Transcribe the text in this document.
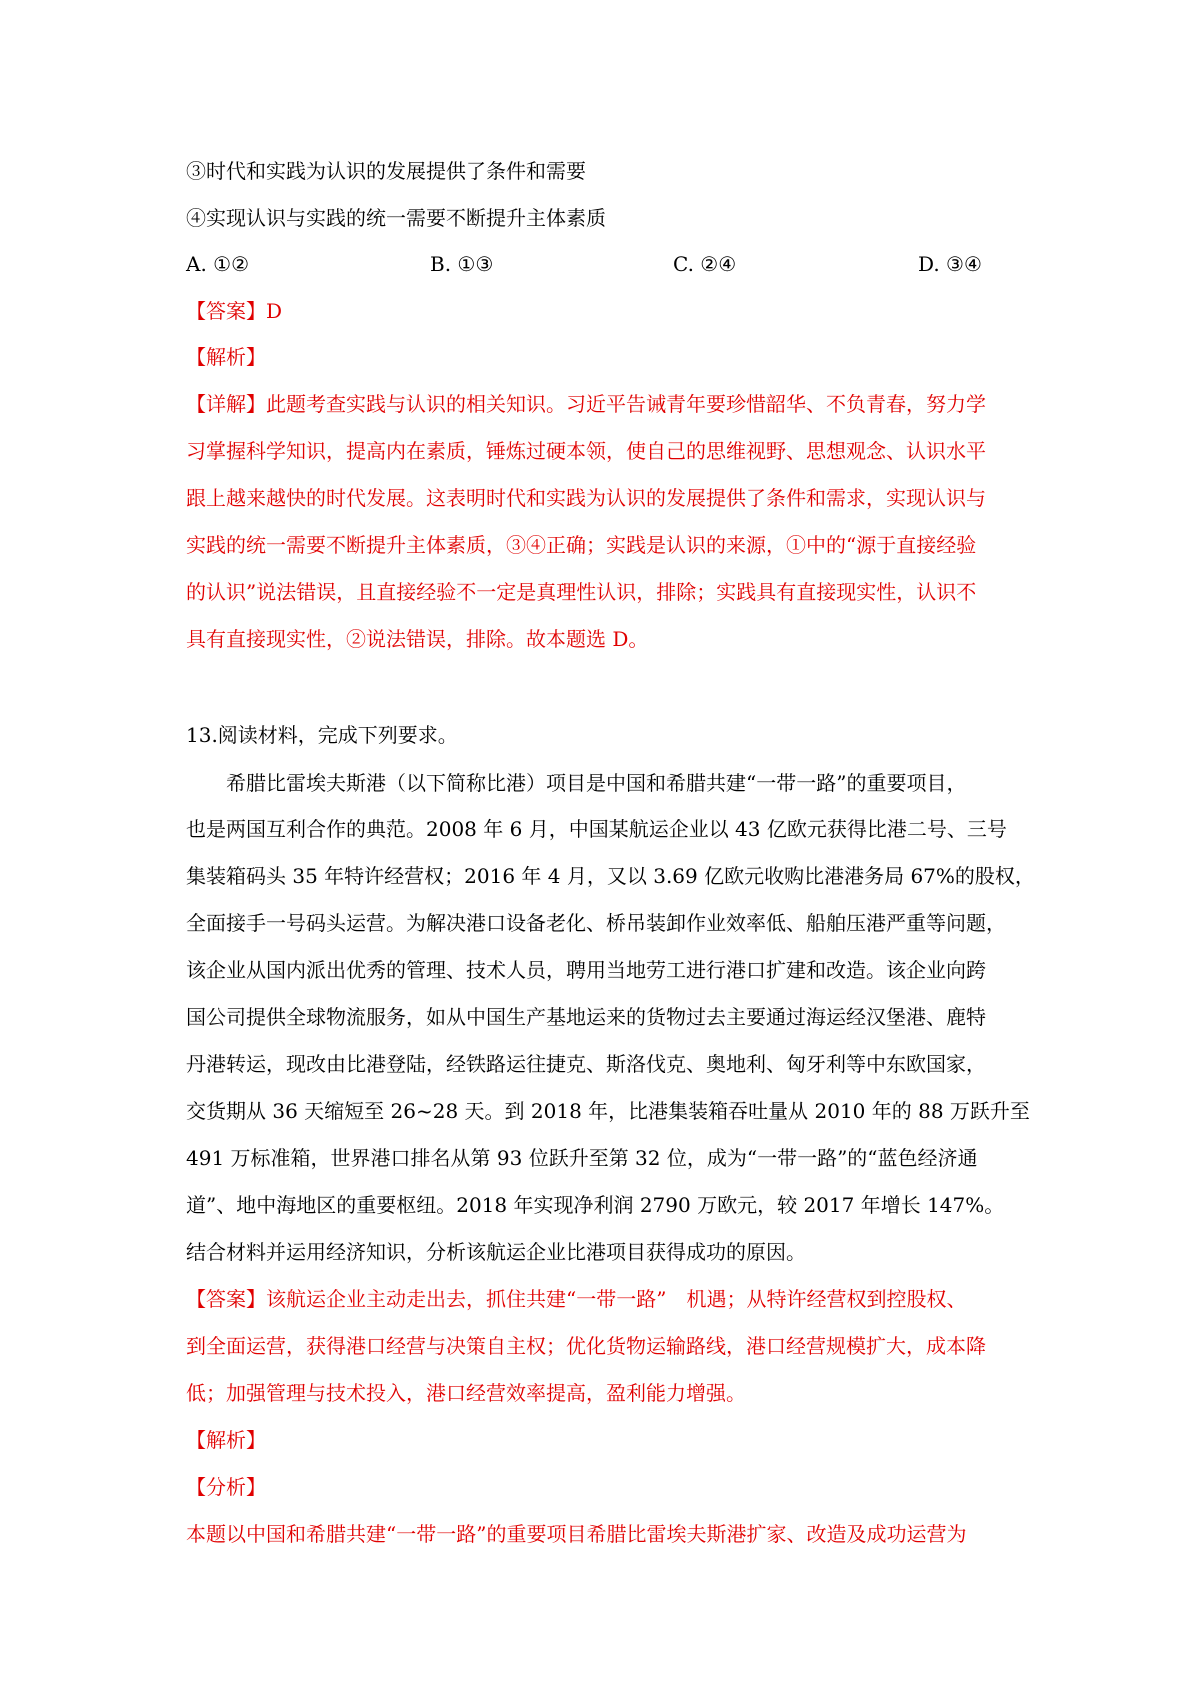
③时代和实践为认识的发展提供了条件和需要
④实现认识与实践的统一需要不断提升主体素质
A. ①②	B. ①③	C. ②④	D. ③④
【答案】D
【解析】
【详解】此题考查实践与认识的相关知识。习近平告诫青年要珍惜韶华、不负青春，努力学
习掌握科学知识，提高内在素质，锤炼过硬本领，使自己的思维视野、思想观念、认识水平
跟上越来越快的时代发展。这表明时代和实践为认识的发展提供了条件和需求，实现认识与
实践的统一需要不断提升主体素质，③④正确；实践是认识的来源，①中的“源于直接经验
的认识”说法错误，且直接经验不一定是真理性认识，排除；实践具有直接现实性，认识不
具有直接现实性，②说法错误，排除。故本题选 D。
13.阅读材料，完成下列要求。
希腊比雷埃夫斯港（以下简称比港）项目是中国和希腊共建“一带一路”的重要项目，
也是两国互利合作的典范。2008 年 6 月，中国某航运企业以 43 亿欧元获得比港二号、三号
集装箱码头 35 年特许经营权；2016 年 4 月，又以 3.69 亿欧元收购比港港务局 67%的股权，
全面接手一号码头运营。为解决港口设备老化、桥吊装卸作业效率低、船舶压港严重等问题，
该企业从国内派出优秀的管理、技术人员，聘用当地劳工进行港口扩建和改造。该企业向跨
国公司提供全球物流服务，如从中国生产基地运来的货物过去主要通过海运经汉堡港、鹿特
丹港转运，现改由比港登陆，经铁路运往捷克、斯洛伐克、奥地利、匈牙利等中东欧国家，
交货期从 36 天缩短至 26~28 天。到 2018 年，比港集装箱吞吐量从 2010 年的 88 万跃升至
491 万标准箱，世界港口排名从第 93 位跃升至第 32 位，成为“一带一路”的“蓝色经济通
道”、地中海地区的重要枢纽。2018 年实现净利润 2790 万欧元，较 2017 年增长 147%。
结合材料并运用经济知识，分析该航运企业比港项目获得成功的原因。
【答案】该航运企业主动走出去，抓住共建“一带一路”　机遇；从特许经营权到控股权、
到全面运营，获得港口经营与决策自主权；优化货物运输路线，港口经营规模扩大，成本降
低；加强管理与技术投入，港口经营效率提高，盈利能力增强。
【解析】
【分析】
本题以中国和希腊共建“一带一路”的重要项目希腊比雷埃夫斯港扩家、改造及成功运营为
